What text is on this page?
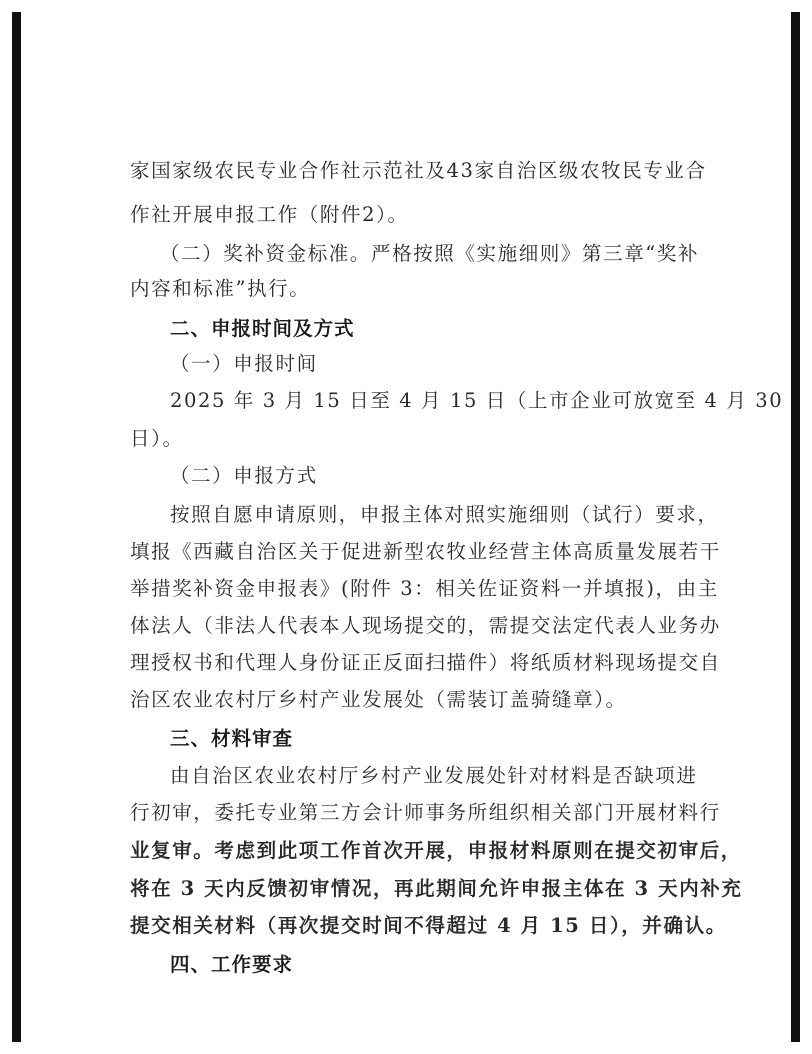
家国家级农民专业合作社示范社及43家自治区级农牧民专业合
作社开展申报工作（附件2）。
（二）奖补资金标准。严格按照《实施细则》第三章“奖补
内容和标准”执行。
二、申报时间及方式
（一）申报时间
2025 年 3 月 15 日至 4 月 15 日（上市企业可放宽至 4 月 30
日）。
（二）申报方式
按照自愿申请原则，申报主体对照实施细则（试行）要求，
填报《西藏自治区关于促进新型农牧业经营主体高质量发展若干
举措奖补资金申报表》(附件 3：相关佐证资料一并填报)，由主
体法人（非法人代表本人现场提交的，需提交法定代表人业务办
理授权书和代理人身份证正反面扫描件）将纸质材料现场提交自
治区农业农村厅乡村产业发展处（需装订盖骑缝章）。
三、材料审查
由自治区农业农村厅乡村产业发展处针对材料是否缺项进
行初审，委托专业第三方会计师事务所组织相关部门开展材料行
业复审。考虑到此项工作首次开展，申报材料原则在提交初审后，
将在 3 天内反馈初审情况，再此期间允许申报主体在 3 天内补充
提交相关材料（再次提交时间不得超过 4 月 15 日），并确认。
四、工作要求
